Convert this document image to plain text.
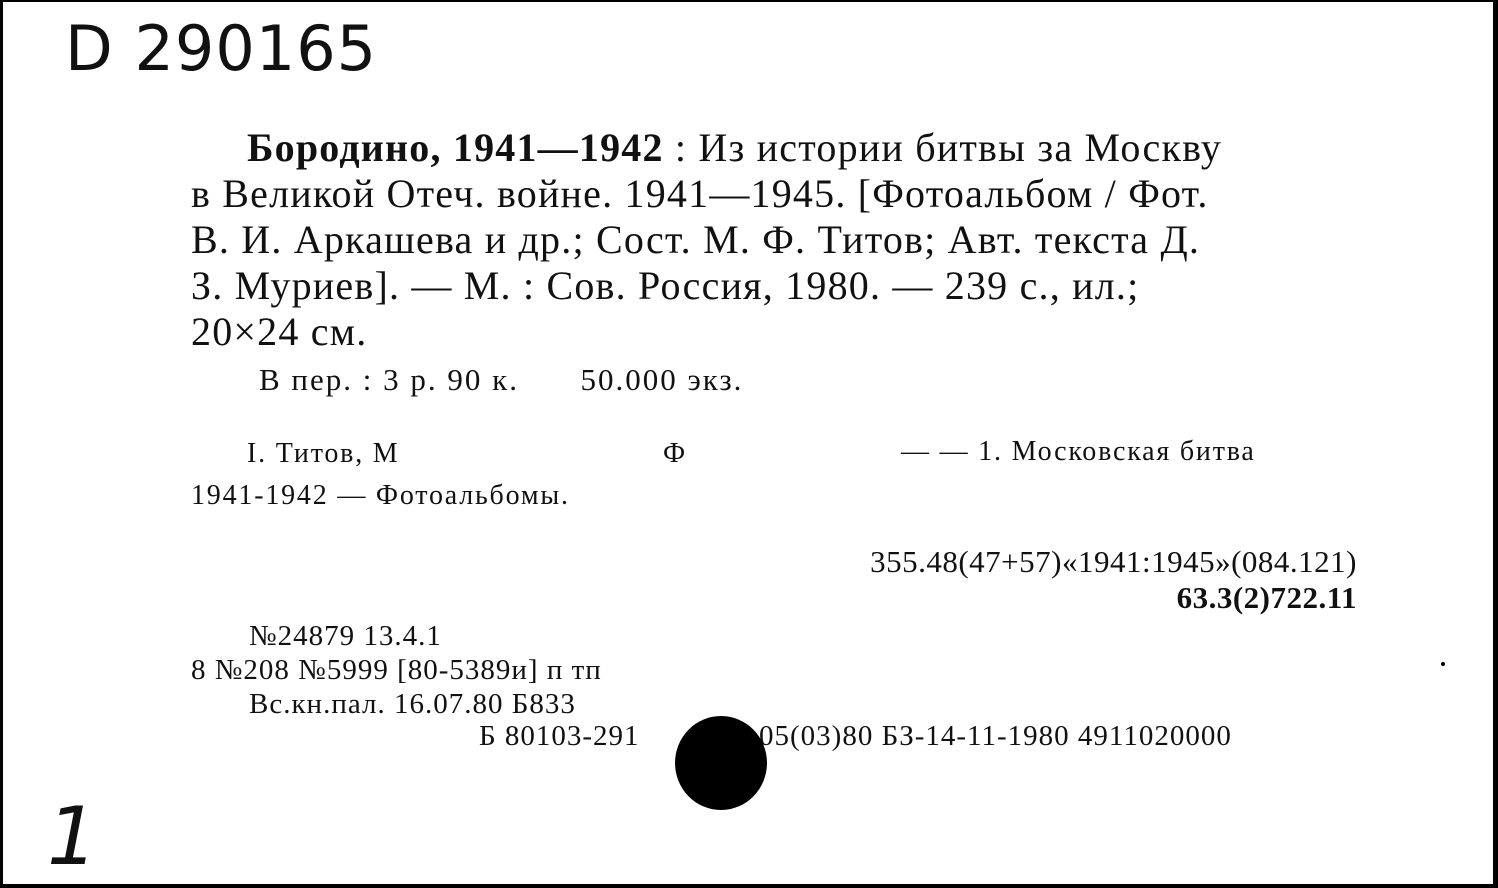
D 290165
Бородино, 1941—1942 : Из истории битвы за Москву
в Великой Отеч. войне. 1941—1945. [Фотоальбом / Фот.
В. И. Аркашева и др.; Сост. М. Ф. Титов; Авт. текста Д.
З. Муриев]. — М. : Сов. Россия, 1980. — 239 с., ил.;
20×24 см.
В пер. : 3 р. 90 к. 50.000 экз.
I. Титов, М	Ф	— — 1. Московская битва
1941-1942 — Фотоальбомы.
355.48(47+57)«1941:1945»(084.121)
63.3(2)722.11
№24879 13.4.1
8 №208 №5999 [80-5389и] п тп
Вс.кн.пал. 16.07.80 Б833
Б 80103-291	05(03)80 БЗ-14-11-1980 4911020000
1
